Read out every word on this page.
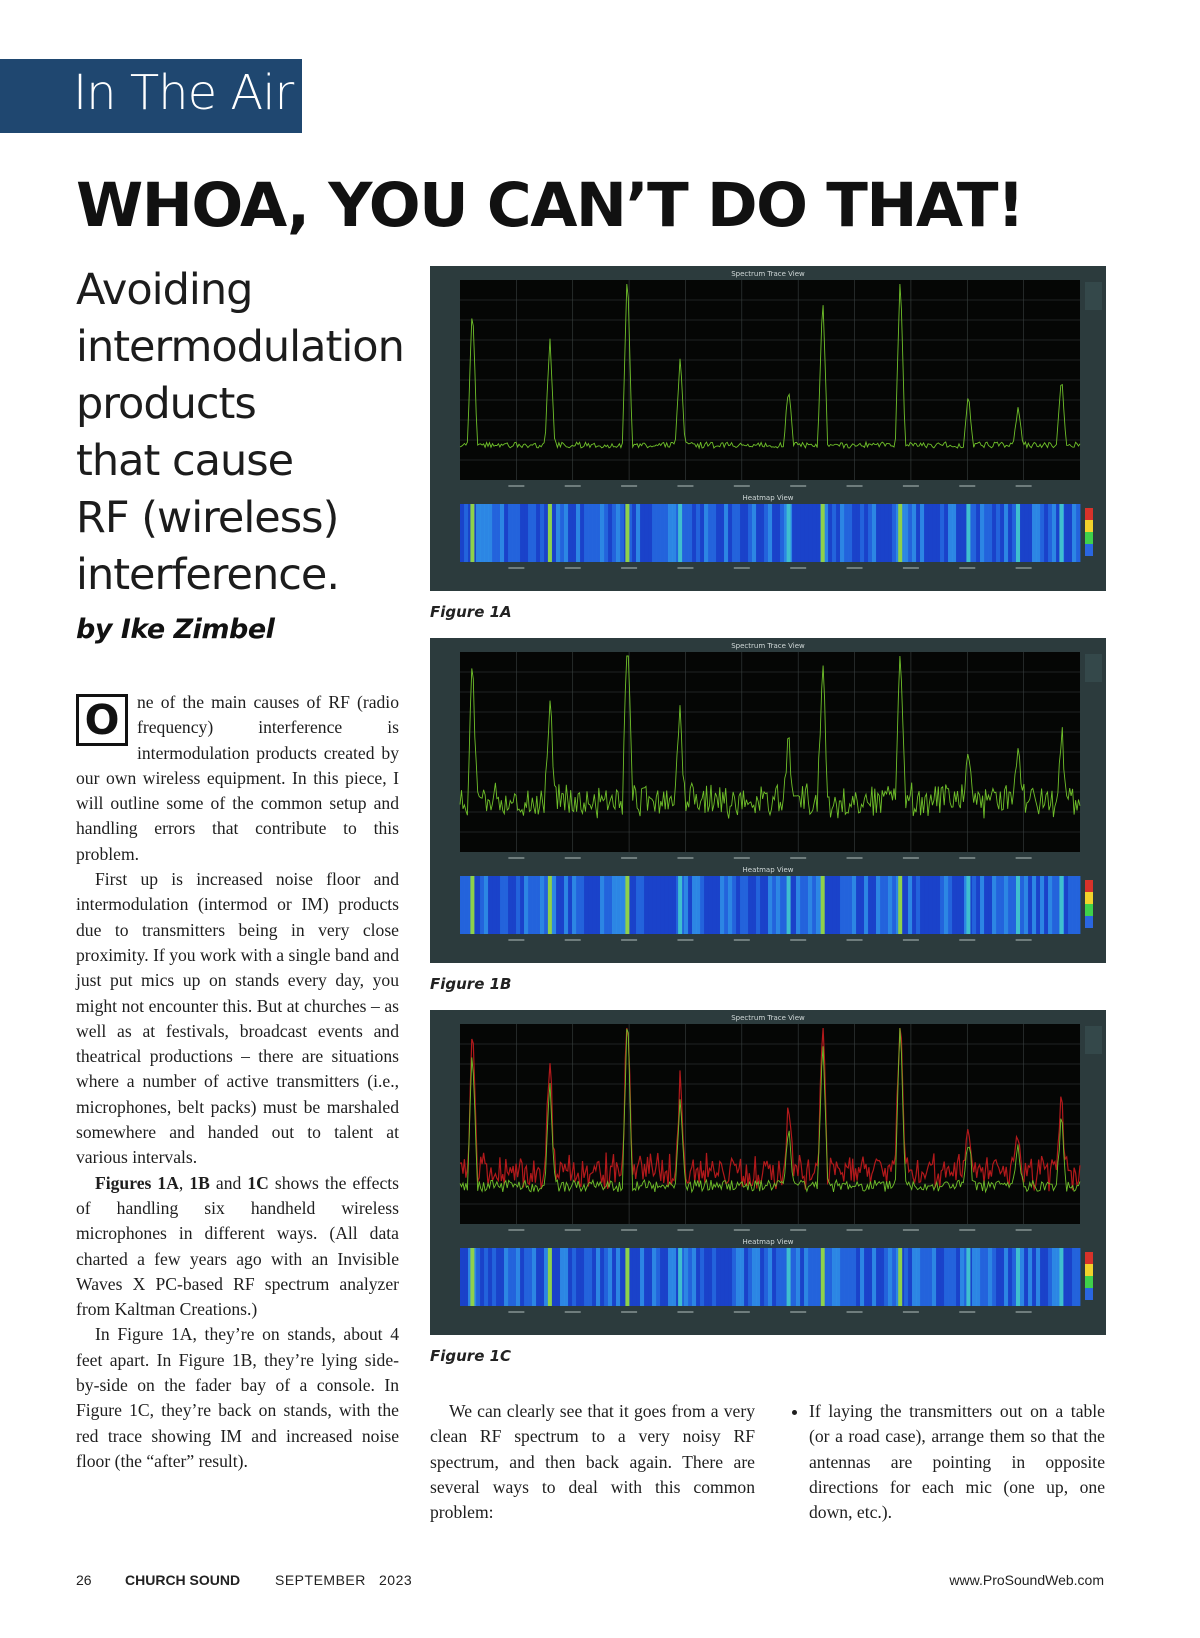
In The Air
WHOA, YOU CAN’T DO THAT!
Avoiding
intermodulation
products
that cause
RF (wireless)
interference.
by Ike Zimbel

O ne of the main causes of RF (radio frequency) interference is intermodulation products created by our own wireless equipment. In this piece, I will outline some of the common setup and handling errors that contribute to this problem.

First up is increased noise floor and intermodulation (intermod or IM) products due to transmitters being in very close proximity. If you work with a single band and just put mics up on stands every day, you might not encounter this. But at churches – as well as at festivals, broadcast events and theatrical productions – there are situations where a number of active transmitters (i.e., microphones, belt packs) must be marshaled somewhere and handed out to talent at various intervals.

Figures 1A, 1B and 1C shows the effects of handling six handheld wireless microphones in different ways. (All data charted a few years ago with an Invisible Waves X PC-based RF spectrum analyzer from Kaltman Creations.)

In Figure 1A, they’re on stands, about 4 feet apart. In Figure 1B, they’re lying side-by-side on the fader bay of a console. In Figure 1C, they’re back on stands, with the red trace showing IM and increased noise floor (the “after” result).

Spectrum Trace View
Heatmap View
Figure 1A
Spectrum Trace View
Heatmap View
Figure 1B
Spectrum Trace View
Heatmap View
Figure 1C

We can clearly see that it goes from a very clean RF spectrum to a very noisy RF spectrum, and then back again. There are several ways to deal with this common problem:

• If laying the transmitters out on a table (or a road case), arrange them so that the antennas are pointing in opposite directions for each mic (one up, one down, etc.).
26 CHURCH SOUND SEPTEMBER   2023	www.ProSoundWeb.com
